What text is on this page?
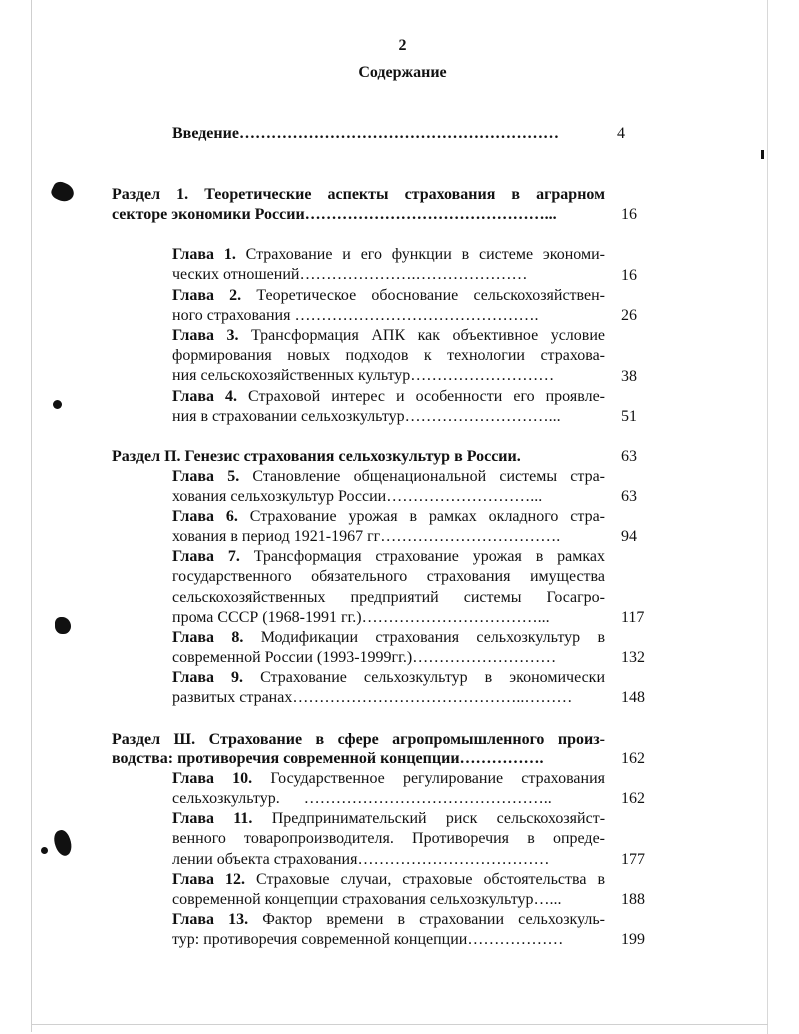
2
Содержание
Введение……………………………………………………	4
Раздел 1. Теоретические аспекты страхования в аграрном
секторе экономики России………………………………………...	16
Глава 1. Страхование и его функции в системе экономи-
ческих отношений………………….…………………	16
Глава 2. Теоретическое обоснование сельскохозяйствен-
ного страхования ……………………………………….	26
Глава 3. Трансформация АПК как объективное условие
формирования новых подходов к технологии страхова-
ния сельскохозяйственных культур………………………	38
Глава 4. Страховой интерес и особенности его проявле-
ния в страховании сельхозкультур………………………...	51
Раздел П. Генезис страхования сельхозкультур в России.	63
Глава 5. Становление общенациональной системы стра-
хования сельхозкультур России………………………...	63
Глава 6. Страхование урожая в рамках окладного стра-
хования в период 1921-1967 гг…………………………….	94
Глава 7. Трансформация страхование урожая в рамках
государственного обязательного страхования имущества
сельскохозяйственных предприятий системы Госагро-
прома СССР (1968-1991 гг.)……………………………...	117
Глава 8. Модификации страхования сельхозкультур в
современной России (1993-1999гг.)………………………	132
Глава 9. Страхование сельхозкультур в экономически
развитых странах……………………………………..………	148
Раздел Ш. Страхование в сфере агропромышленного произ-
водства: противоречия современной концепции…………….	162
Глава 10. Государственное регулирование страхования
сельхозкультур.      ………………………………………..	162
Глава 11. Предпринимательский риск сельскохозяйст-
венного товаропроизводителя. Противоречия в опреде-
лении объекта страхования………………………………	177
Глава 12. Страховые случаи, страховые обстоятельства в
современной концепции страхования сельхозкультур…...	188
Глава 13. Фактор времени в страховании сельхозкуль-
тур: противоречия современной концепции………………	199
